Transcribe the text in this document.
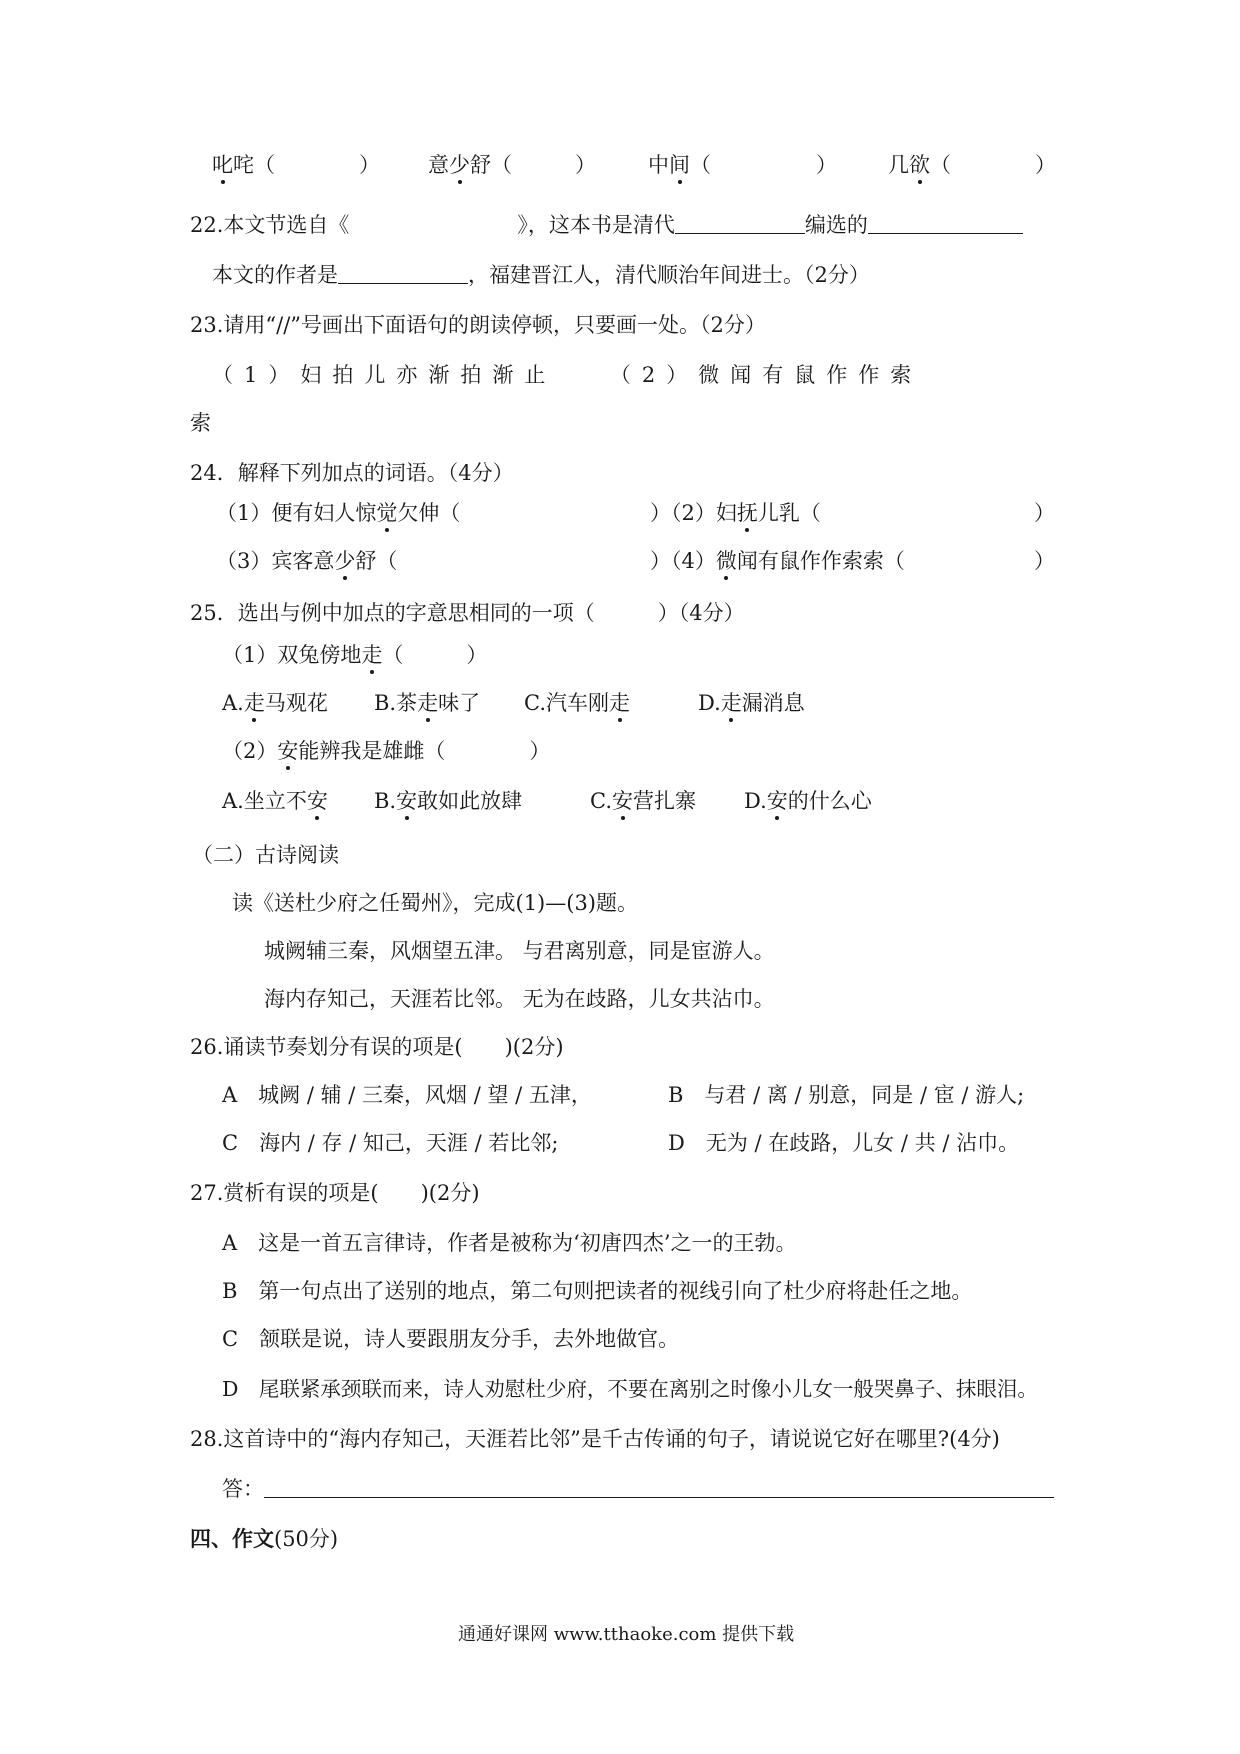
叱咤（　　　　） 意少舒（　　　） 中间（　　　　　） 几欲（　　　　）
22.本文节选自《　　　　　　　　》，这本书是清代	编选的
本文的作者是	，福建晋江人，清代顺治年间进士。（2分）
23.请用“//”号画出下面语句的朗读停顿，只要画一处。（2分）
（1）妇拍儿亦渐拍渐止　　（2）微闻有鼠作作索
索
24．解释下列加点的词语。（4分）
（1）便有妇人惊觉欠伸（	）（2）妇抚儿乳（	）
（3）宾客意少舒（	）（4）微闻有鼠作作索索（	）
25．选出与例中加点的字意思相同的一项（　　　）（4分）
（1）双兔傍地走（　　　）
A.走马观花 B.茶走味了 C.汽车刚走	D.走漏消息
（2）安能辨我是雄雌（　　　　）
A.坐立不安 B.安敢如此放肆	C.安营扎寨 D.安的什么心
（二）古诗阅读
读《送杜少府之任蜀州》，完成(1)—(3)题。
城阙辅三秦，风烟望五津。 与君离别意，同是宦游人。
海内存知己，天涯若比邻。 无为在歧路，儿女共沾巾。
26.诵读节奏划分有误的项是(　　)(2分)
A　城阙 / 辅 / 三秦，风烟 / 望 / 五津，	B　与君 / 离 / 别意，同是 / 宦 / 游人;
C　海内 / 存 / 知己，天涯 / 若比邻;	D　无为 / 在歧路，儿女 / 共 / 沾巾。
27.赏析有误的项是(　　)(2分)
A　这是一首五言律诗，作者是被称为‘初唐四杰’之一的王勃。
B　第一句点出了送别的地点，第二句则把读者的视线引向了杜少府将赴任之地。
C　颔联是说，诗人要跟朋友分手，去外地做官。
D　尾联紧承颈联而来，诗人劝慰杜少府，不要在离别之时像小儿女一般哭鼻子、抹眼泪。
28.这首诗中的“海内存知己，天涯若比邻”是千古传诵的句子，请说说它好在哪里?(4分)
答：
四、作文(50分)
通通好课网 www.tthaoke.com 提供下载
